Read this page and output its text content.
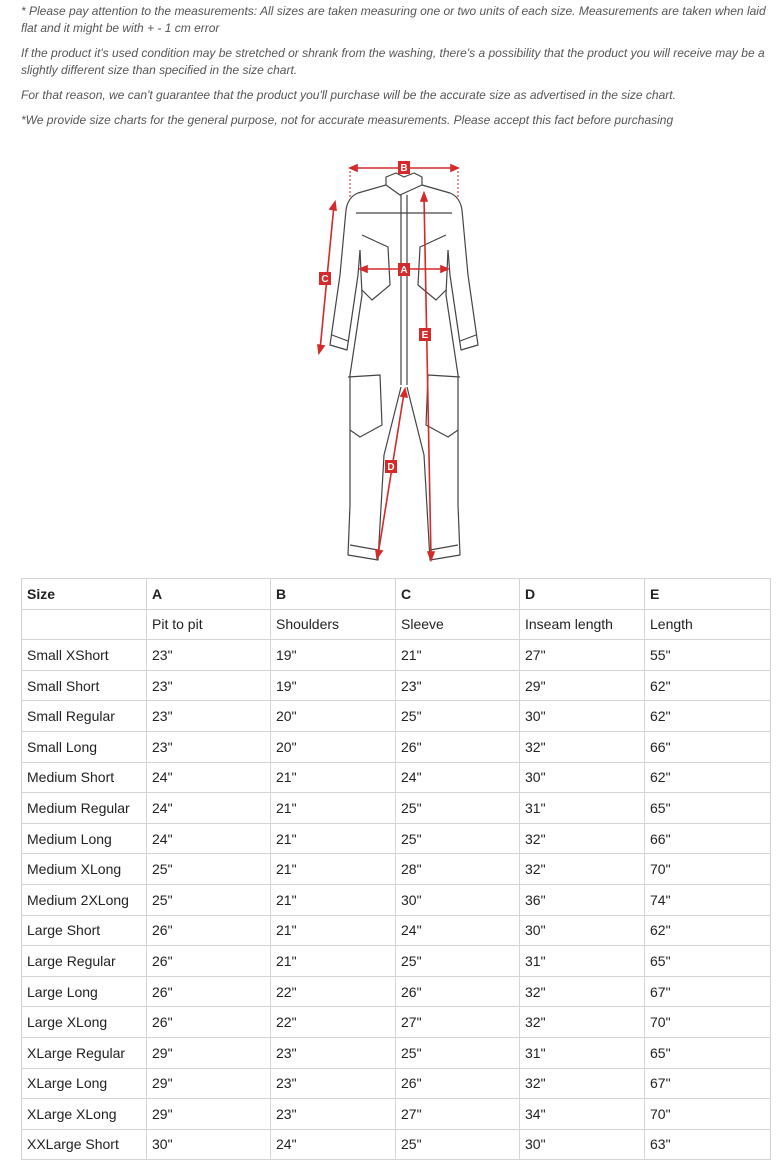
* Please pay attention to the measurements: All sizes are taken measuring one or two units of each size. Measurements are taken when laid flat and it might be with + - 1 cm error

If the product it's used condition may be stretched or shrank from the washing, there's a possibility that the product you will receive may be a slightly different size than specified in the size chart.

For that reason, we can't guarantee that the product you'll purchase will be the accurate size as advertised in the size chart.

*We provide size charts for the general purpose, not for accurate measurements. Please accept this fact before purchasing

B
A
C
E
D
Size	A	B	C	D	E
	Pit to pit	Shoulders	Sleeve	Inseam length	Length
Small XShort	23"	19"	21"	27"	55"
Small Short	23"	19"	23"	29"	62"
Small Regular	23"	20"	25"	30"	62"
Small Long	23"	20"	26"	32"	66"
Medium Short	24"	21"	24"	30"	62"
Medium Regular	24"	21"	25"	31"	65"
Medium Long	24"	21"	25"	32"	66"
Medium XLong	25"	21"	28"	32"	70"
Medium 2XLong	25"	21"	30"	36"	74"
Large Short	26"	21"	24"	30"	62"
Large Regular	26"	21"	25"	31"	65"
Large Long	26"	22"	26"	32"	67"
Large XLong	26"	22"	27"	32"	70"
XLarge Regular	29"	23"	25"	31"	65"
XLarge Long	29"	23"	26"	32"	67"
XLarge XLong	29"	23"	27"	34"	70"
XXLarge Short	30"	24"	25"	30"	63"
